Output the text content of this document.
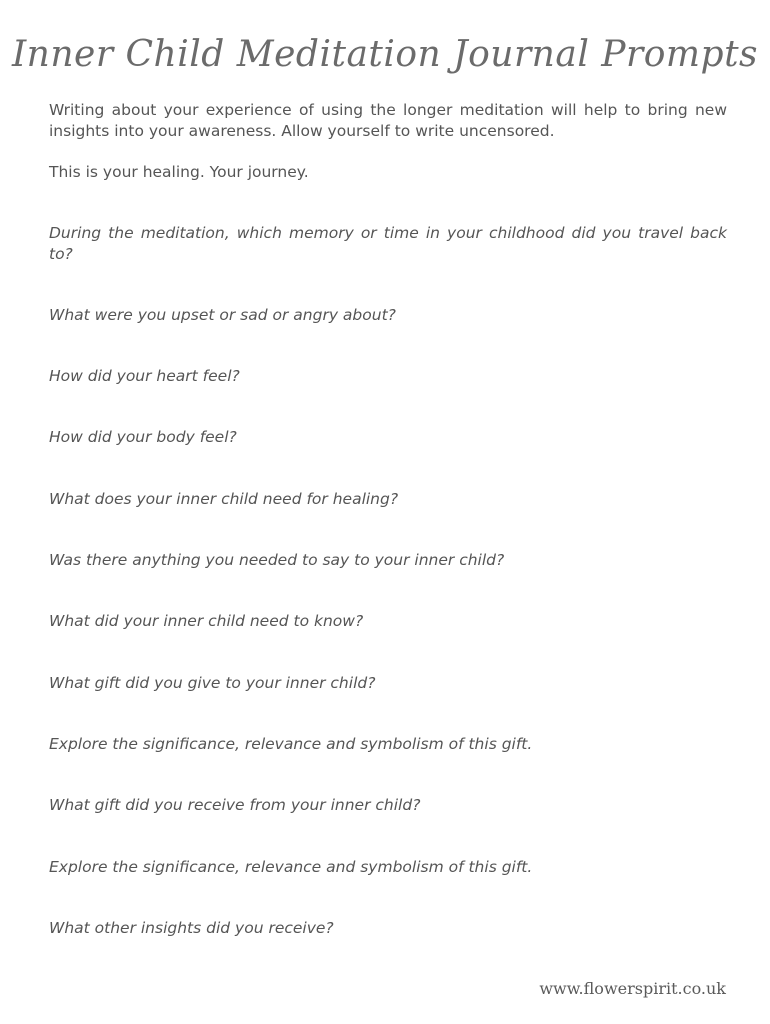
Inner Child Meditation Journal Prompts

Writing about your experience of using the longer meditation will help to bring new insights into your awareness. Allow yourself to write uncensored.

This is your healing. Your journey.

During the meditation, which memory or time in your childhood did you travel back to?

What were you upset or sad or angry about?

How did your heart feel?

How did your body feel?

What does your inner child need for healing?

Was there anything you needed to say to your inner child?

What did your inner child need to know?

What gift did you give to your inner child?

Explore the significance, relevance and symbolism of this gift.

What gift did you receive from your inner child?

Explore the significance, relevance and symbolism of this gift.

What other insights did you receive?

www.flowerspirit.co.uk
